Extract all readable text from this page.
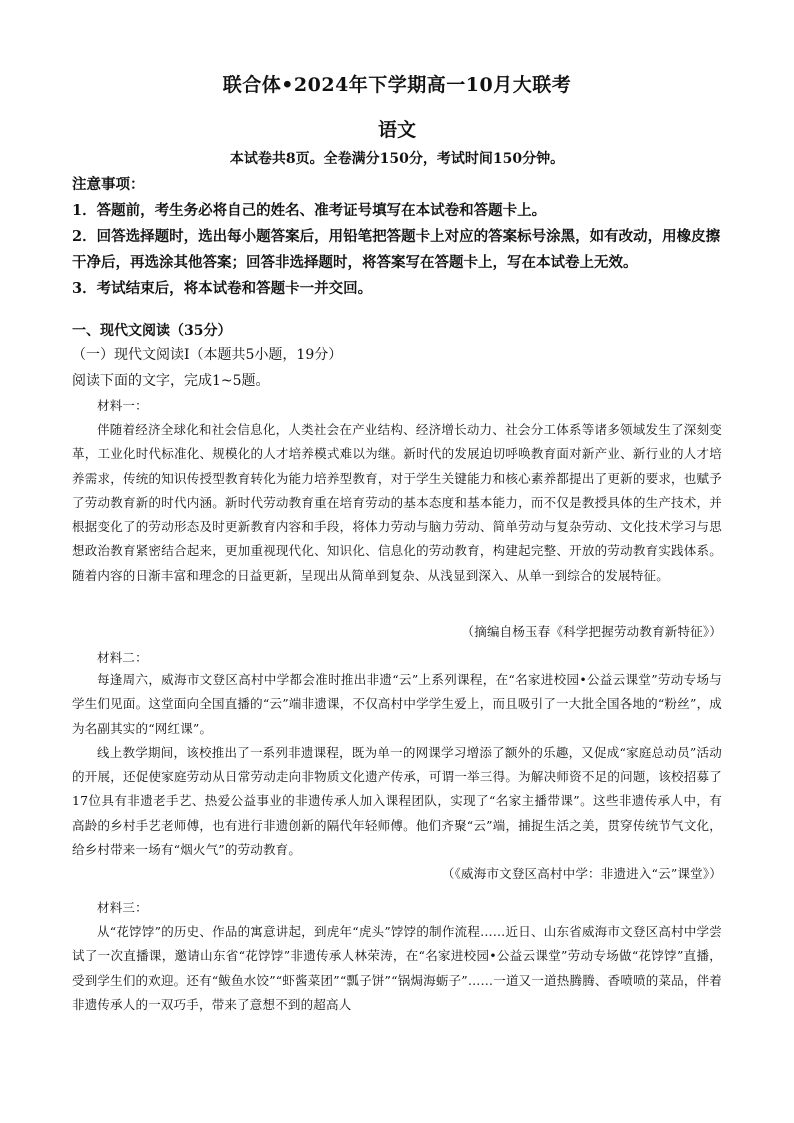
联合体•2024年下学期高一10月大联考
语文
本试卷共8页。全卷满分150分，考试时间150分钟。

注意事项：

1．答题前，考生务必将自己的姓名、准考证号填写在本试卷和答题卡上。

2．回答选择题时，选出每小题答案后，用铅笔把答题卡上对应的答案标号涂黑，如有改动，用橡皮擦干净后，再选涂其他答案；回答非选择题时，将答案写在答题卡上，写在本试卷上无效。

3．考试结束后，将本试卷和答题卡一并交回。

一、现代文阅读（35分）
（一）现代文阅读Ⅰ（本题共5小题，19分）
阅读下面的文字，完成1~5题。

材料一：

伴随着经济全球化和社会信息化，人类社会在产业结构、经济增长动力、社会分工体系等诸多领域发生了深刻变革，工业化时代标准化、规模化的人才培养模式难以为继。新时代的发展迫切呼唤教育面对新产业、新行业的人才培养需求，传统的知识传授型教育转化为能力培养型教育，对于学生关键能力和核心素养都提出了更新的要求，也赋予了劳动教育新的时代内涵。新时代劳动教育重在培育劳动的基本态度和基本能力，而不仅是教授具体的生产技术，并根据变化了的劳动形态及时更新教育内容和手段，将体力劳动与脑力劳动、简单劳动与复杂劳动、文化技术学习与思想政治教育紧密结合起来，更加重视现代化、知识化、信息化的劳动教育，构建起完整、开放的劳动教育实践体系。随着内容的日渐丰富和理念的日益更新，呈现出从简单到复杂、从浅显到深入、从单一到综合的发展特征。

（摘编自杨玉春《科学把握劳动教育新特征》）

材料二：

每逢周六，威海市文登区高村中学都会准时推出非遗“云”上系列课程，在“名家进校园•公益云课堂”劳动专场与学生们见面。这堂面向全国直播的“云”端非遗课，不仅高村中学学生爱上，而且吸引了一大批全国各地的“粉丝”，成为名副其实的“网红课”。

线上教学期间，该校推出了一系列非遗课程，既为单一的网课学习增添了额外的乐趣，又促成“家庭总动员”活动的开展，还促使家庭劳动从日常劳动走向非物质文化遗产传承，可谓一举三得。为解决师资不足的问题，该校招募了17位具有非遗老手艺、热爱公益事业的非遗传承人加入课程团队，实现了“名家主播带课”。这些非遗传承人中，有高龄的乡村手艺老师傅，也有进行非遗创新的隔代年轻师傅。他们齐聚“云”端，捕捉生活之美，贯穿传统节气文化，给乡村带来一场有“烟火气”的劳动教育。

（《威海市文登区高村中学：非遗进入“云”课堂》）

材料三：

从“花饽饽”的历史、作品的寓意讲起，到虎年“虎头”饽饽的制作流程……近日、山东省威海市文登区高村中学尝试了一次直播课，邀请山东省“花饽饽”非遗传承人林荣涛，在“名家进校园•公益云课堂”劳动专场做“花饽饽”直播，受到学生们的欢迎。还有“鲅鱼水饺”“虾酱菜团”“瓢子饼”“锅焗海蛎子”……一道又一道热腾腾、香喷喷的菜品，伴着非遗传承人的一双巧手，带来了意想不到的超高人
